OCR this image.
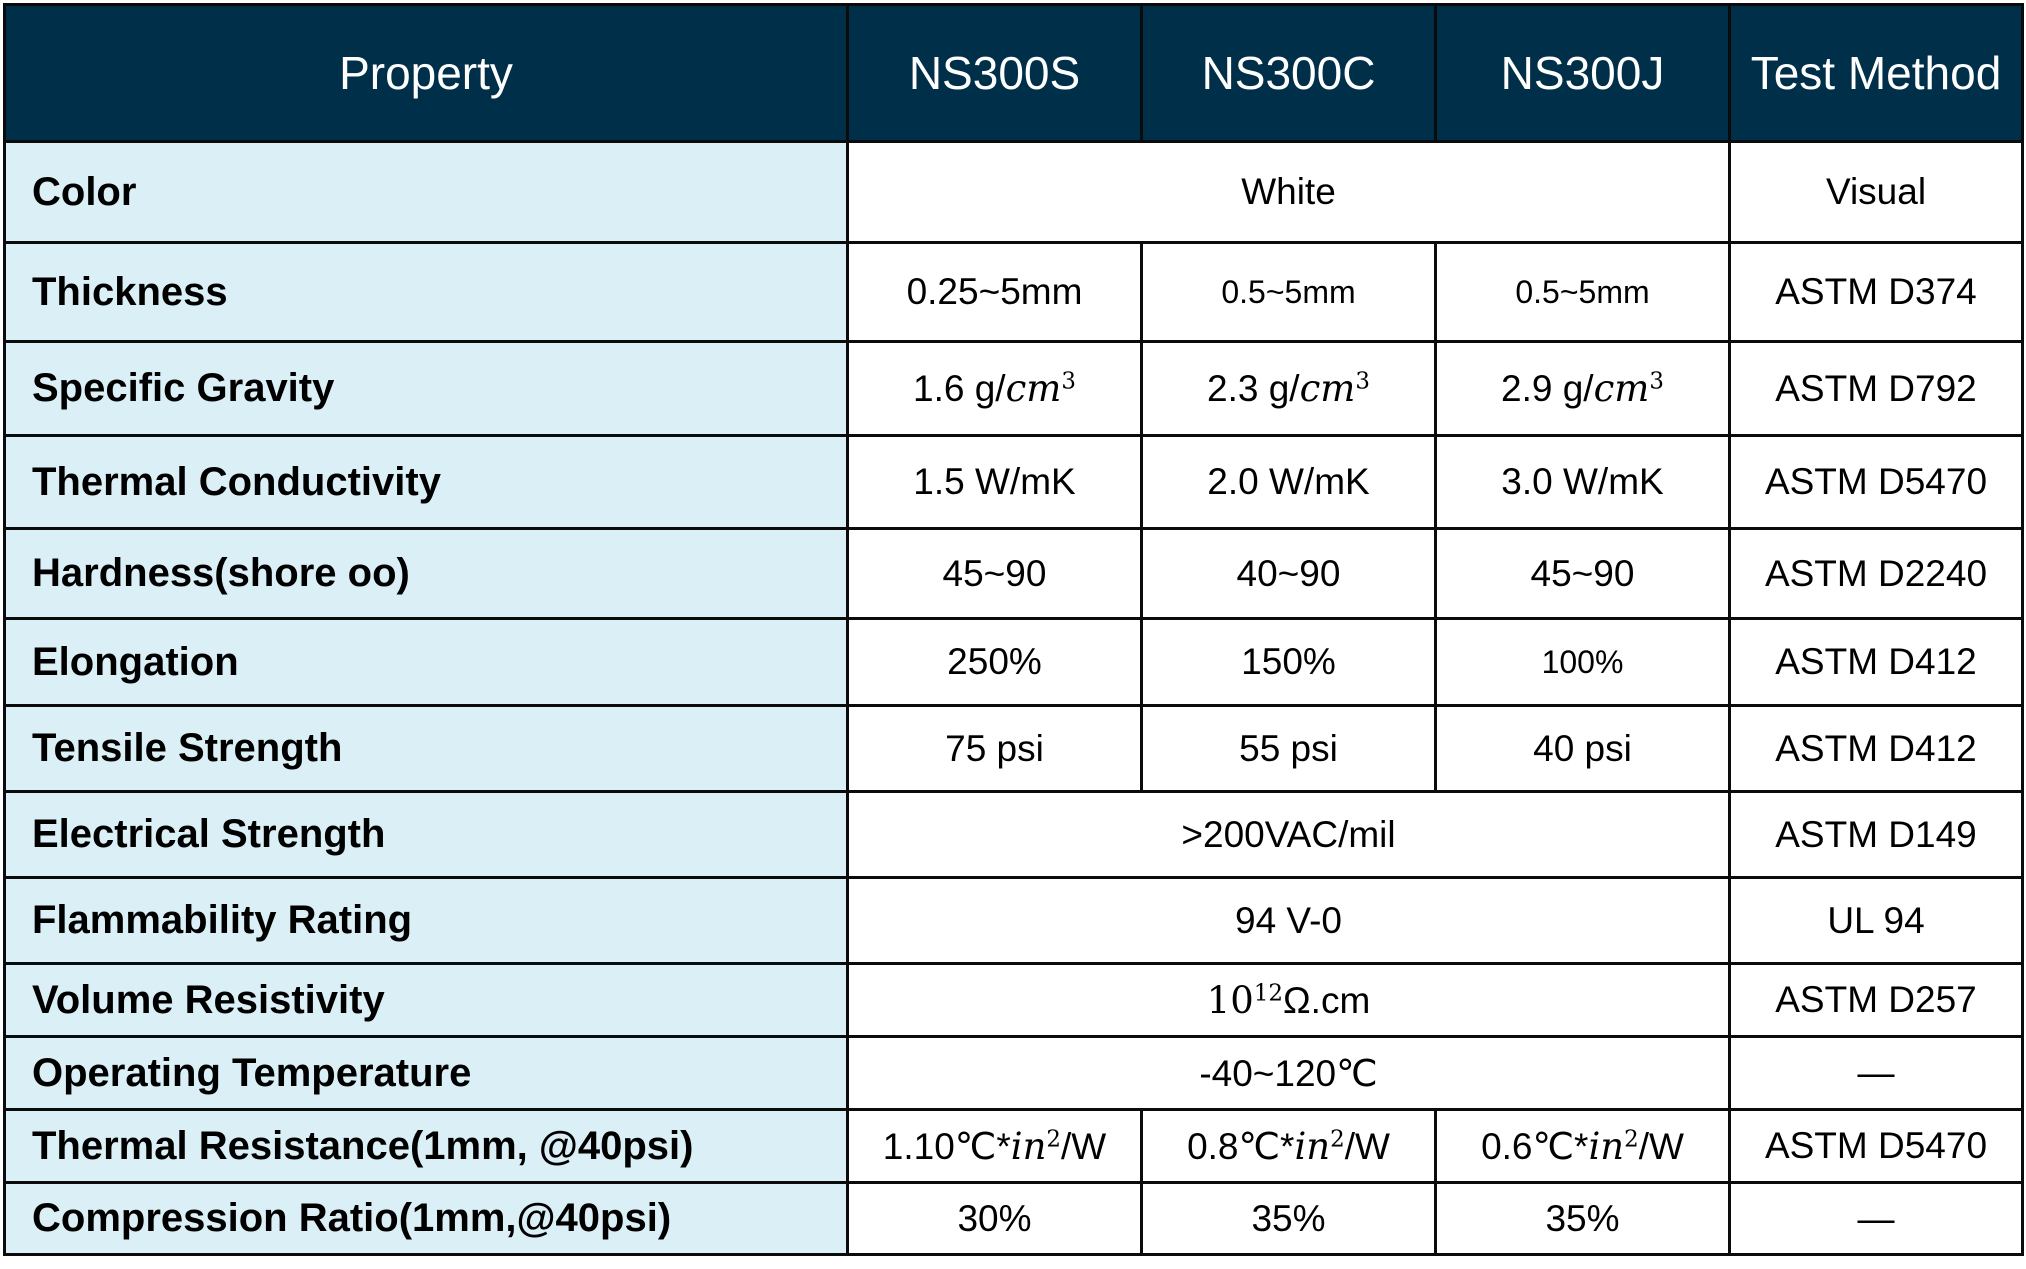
Property	NS300S	NS300C	NS300J	Test Method
Color	White			Visual
Thickness	0.25~5mm	0.5~5mm	0.5~5mm	ASTM D374
Specific Gravity	1.6 $g/cm^3$	2.3 $g/cm^3$	2.9 $g/cm^3$	ASTM D792
Thermal Conductivity	1.5 W/mK	2.0 W/mK	3.0 W/mK	ASTM D5470
Hardness(shore oo)	45~90	40~90	45~90	ASTM D2240
Elongation	250%	150%	100%	ASTM D412
Tensile Strength	75 psi	55 psi	40 psi	ASTM D412
Electrical Strength	>200VAC/mil			ASTM D149
Flammability Rating	94 V-0			UL 94
Volume Resistivity	$10^{12}\Omega.cm$			ASTM D257
Operating Temperature	-40~120℃			—
Thermal Resistance(1mm, @40psi)	$1.10℃*in^2/W$	$0.8℃*in^2/W$	$0.6℃*in^2/W$	ASTM D5470
Compression Ratio(1mm,@40psi)	30%	35%	35%	—
